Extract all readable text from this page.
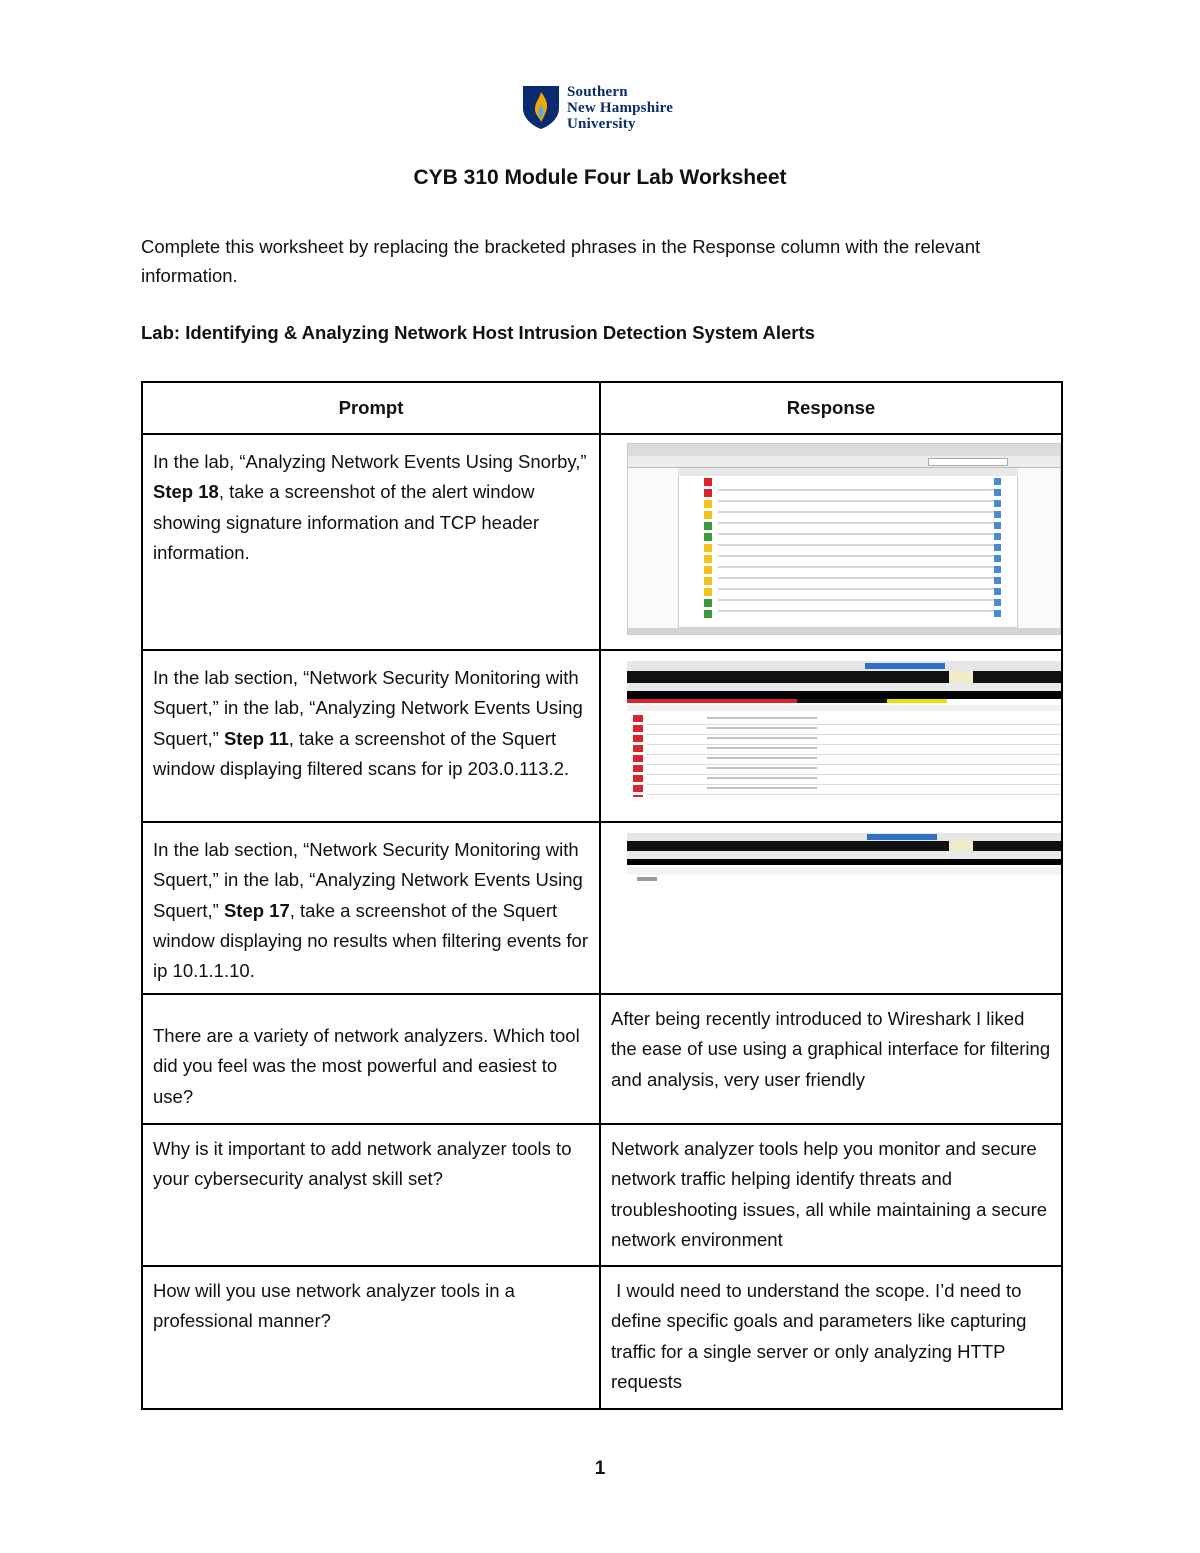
Southern
New Hampshire
University
CYB 310 Module Four Lab Worksheet
Complete this worksheet by replacing the bracketed phrases in the Response column with the relevant information.
Lab: Identifying & Analyzing Network Host Intrusion Detection System Alerts
Prompt	Response

In the lab, “Analyzing Network Events Using Snorby,” Step 18, take a screenshot of the alert window showing signature information and TCP header information.	

In the lab section, “Network Security Monitoring with Squert,” in the lab, “Analyzing Network Events Using Squert,” Step 11, take a screenshot of the Squert window displaying filtered scans for ip 203.0.113.2.	

In the lab section, “Network Security Monitoring with Squert,” in the lab, “Analyzing Network Events Using Squert,” Step 17, take a screenshot of the Squert window displaying no results when filtering events for ip 10.1.1.10.	

There are a variety of network analyzers. Which tool did you feel was the most powerful and easiest to use?	After being recently introduced to Wireshark I liked the ease of use using a graphical interface for filtering and analysis, very user friendly

Why is it important to add network analyzer tools to your cybersecurity analyst skill set?	Network analyzer tools help you monitor and secure network traffic helping identify threats and troubleshooting issues, all while maintaining a secure network environment

How will you use network analyzer tools in a professional manner?	I would need to understand the scope. I’d need to define specific goals and parameters like capturing traffic for a single server or only analyzing HTTP requests
1
